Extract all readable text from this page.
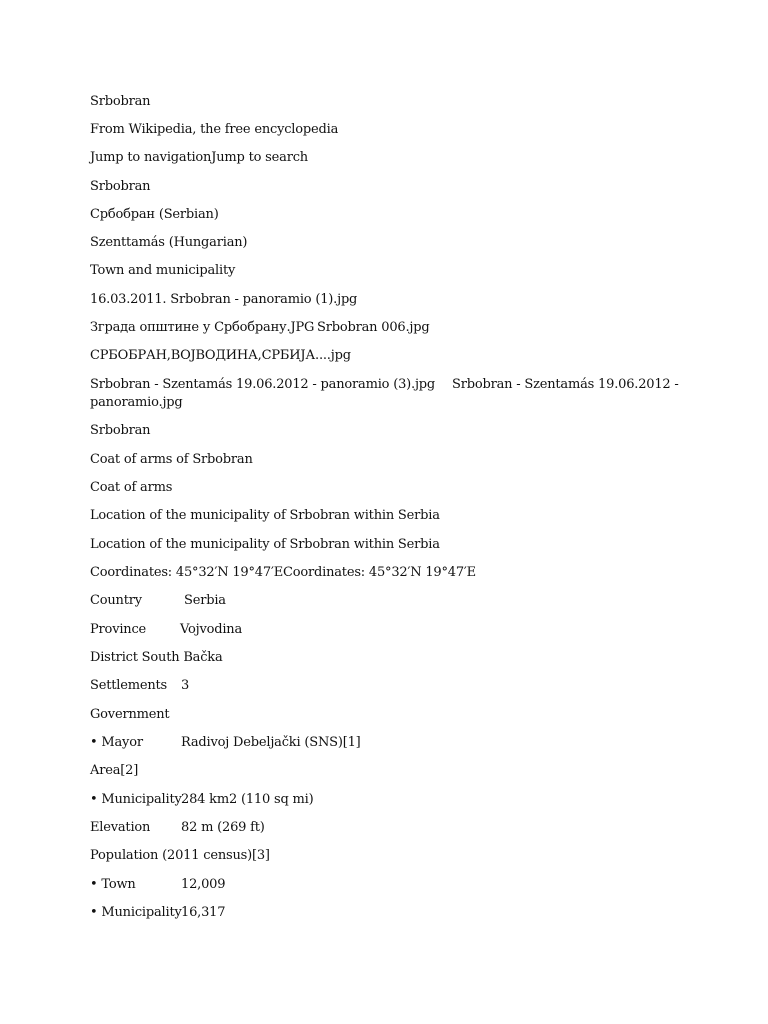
Srbobran
From Wikipedia, the free encyclopedia
Jump to navigationJump to search
Srbobran
Србобран (Serbian)
Szenttamás (Hungarian)
Town and municipality
16.03.2011. Srbobran - panoramio (1).jpg
Зграда општине у Србобрану.JPG Srbobran 006.jpg
СРБОБРАН,ВОЈВОДИНА,СРБИЈА....jpg
Srbobran - Szentamás 19.06.2012 - panoramio (3).jpg Srbobran - Szentamás 19.06.2012 -
panoramio.jpg
Srbobran
Coat of arms of Srbobran
Coat of arms
Location of the municipality of Srbobran within Serbia
Location of the municipality of Srbobran within Serbia
Coordinates: 45°32′N 19°47′ECoordinates: 45°32′N 19°47′E
Country	Serbia
Province	Vojvodina
District South Bačka
Settlements 3
Government
• Mayor	Radivoj Debeljački (SNS)[1]
Area[2]
• Municipality 284 km2 (110 sq mi)
Elevation 82 m (269 ft)
Population (2011 census)[3]
• Town	12,009
• Municipality 16,317
